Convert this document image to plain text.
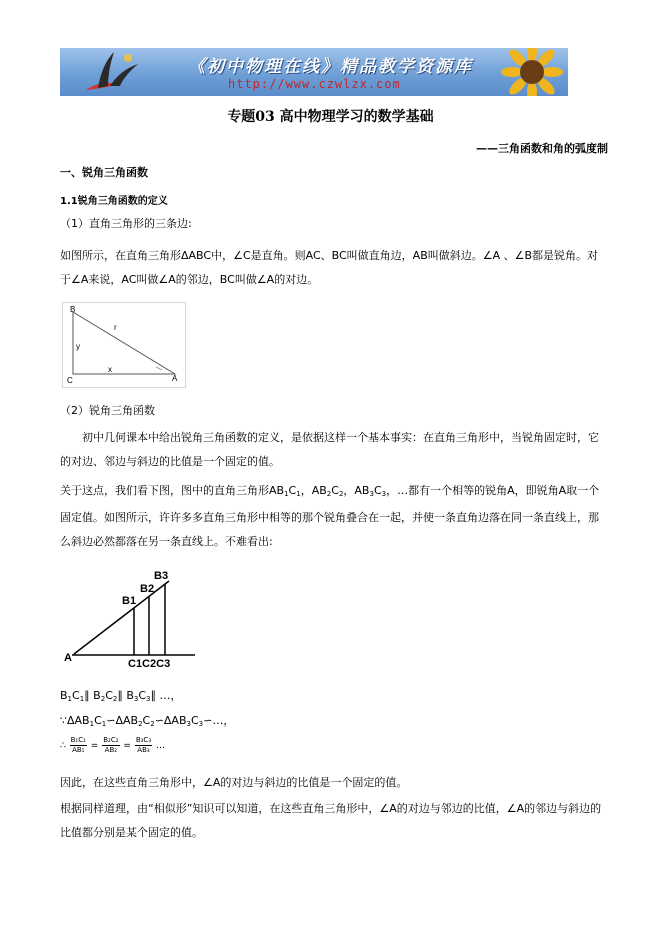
《初中物理在线》精品教学资源库
http://www.czwlzx.com
专题03 高中物理学习的数学基础
——三角函数和角的弧度制
一、锐角三角函数
1.1锐角三角函数的定义
（1）直角三角形的三条边:
如图所示，在直角三角形ΔABC中，∠C是直角。则AC、BC叫做直角边，AB叫做斜边。∠A 、∠B都是锐角。对于∠A来说，AC叫做∠A的邻边，BC叫做∠A的对边。
B
C	A
r
y
x
（2）锐角三角函数
初中几何课本中给出锐角三角函数的定义，是依据这样一个基本事实：在直角三角形中，当锐角固定时，它的对边、邻边与斜边的比值是一个固定的值。
关于这点，我们看下图，图中的直角三角形$AB_1C_1$，$AB_2C_2$，$AB_3C_3$，…都有一个相等的锐角A，即锐角A取一个固定值。如图所示，许许多多直角三角形中相等的那个锐角叠合在一起，并使一条直角边落在同一条直线上，那么斜边必然都落在另一条直线上。不难看出:
A
B1
B2
B3
C1C2C3
$B_1C_1\parallel$ $B_2C_2\parallel$ $B_3C_3\parallel$ …，
$\because\Delta AB_1C_1∽\Delta AB_2C_2∽\Delta AB_3C_3∽\dots$，
∴ $\frac{\text{B₁C₁}}{\text{AB₁}} = \frac{\text{B₂C₂}}{\text{AB₂}} = \frac{\text{B₃C₃}}{\text{AB₃}}$ …
因此，在这些直角三角形中，∠A的对边与斜边的比值是一个固定的值。
根据同样道理，由“相似形”知识可以知道，在这些直角三角形中，∠A的对边与邻边的比值，∠A的邻边与斜边的比值都分别是某个固定的值。
